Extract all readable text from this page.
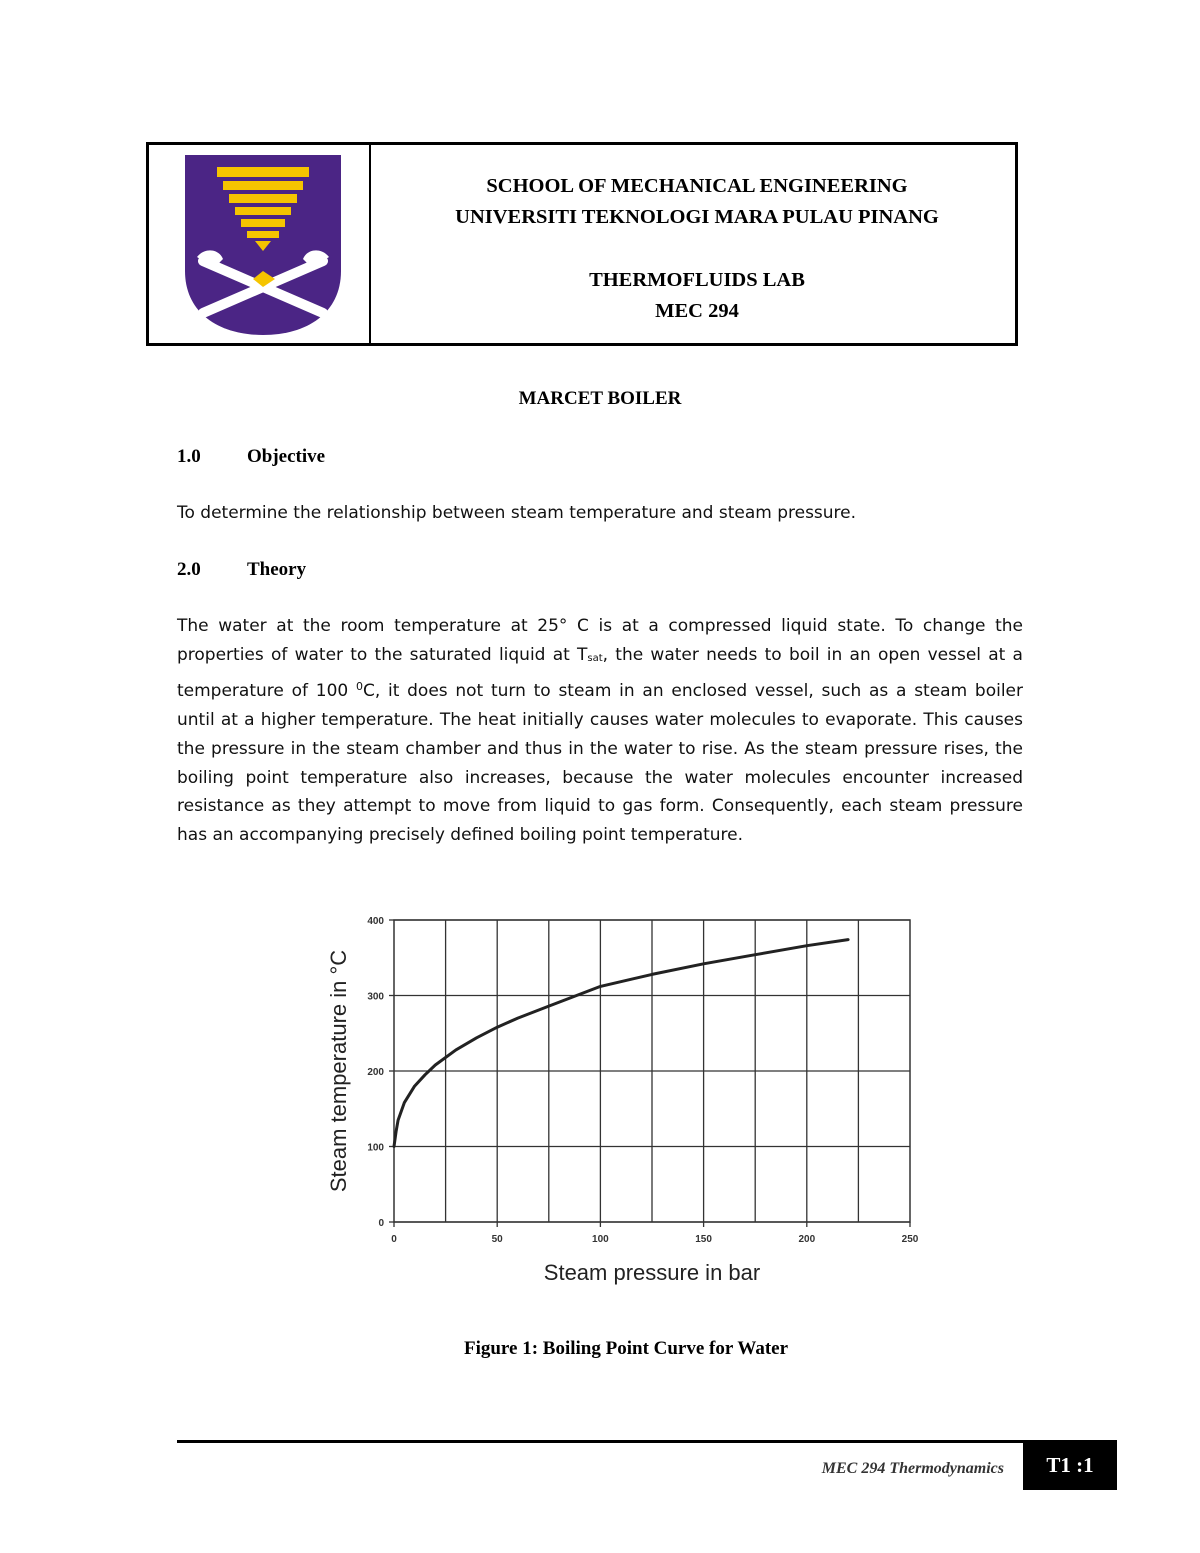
SCHOOL OF MECHANICAL ENGINEERING
UNIVERSITI TEKNOLOGI MARA PULAU PINANG
THERMOFLUIDS LAB
MEC 294
MARCET BOILER
1.0 Objective
To determine the relationship between steam temperature and steam pressure.
2.0 Theory
The water at the room temperature at 25° C is at a compressed liquid state. To change the properties of water to the saturated liquid at $T_{sat}$, the water needs to boil in an open vessel at a temperature of 100 $^0$C, it does not turn to steam in an enclosed vessel, such as a steam boiler until at a higher temperature. The heat initially causes water molecules to evaporate. This causes the pressure in the steam chamber and thus in the water to rise. As the steam pressure rises, the boiling point temperature also increases, because the water molecules encounter increased resistance as they attempt to move from liquid to gas form. Consequently, each steam pressure has an accompanying precisely defined boiling point temperature.
0
100
200
300
400
0	50	100	150	200	250
Steam pressure in bar
Steam temperature in °C
Figure 1: Boiling Point Curve for Water
MEC 294 Thermodynamics	T1 :1
